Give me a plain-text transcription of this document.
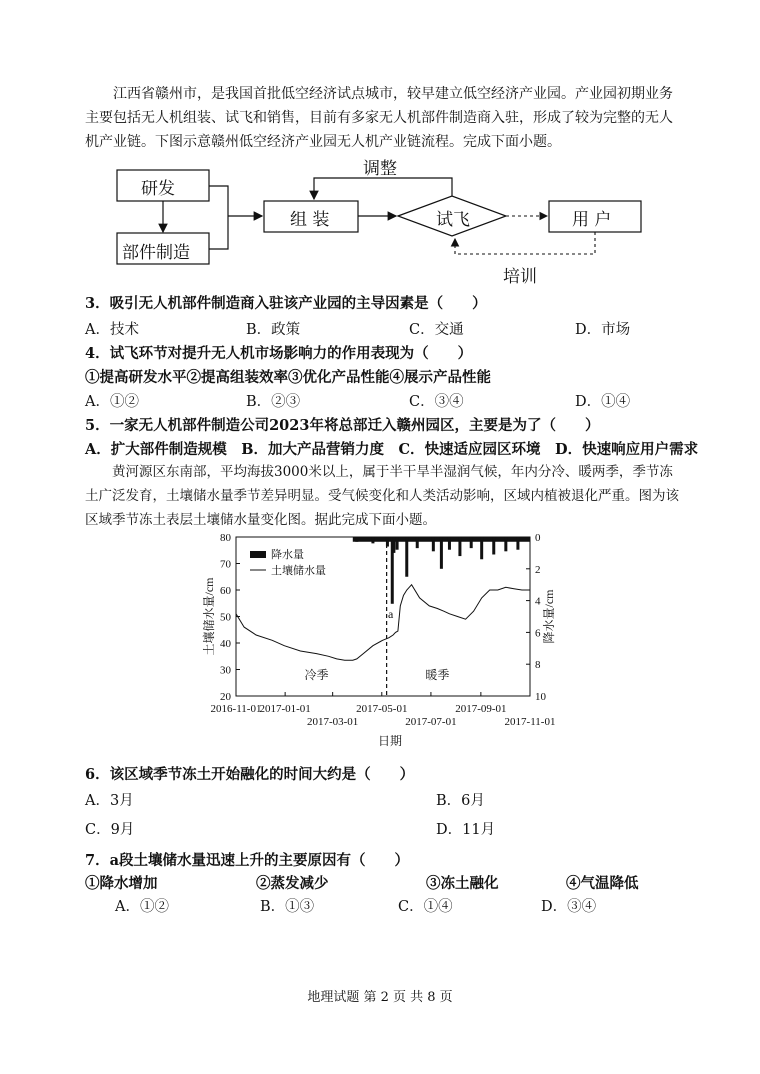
江西省赣州市，是我国首批低空经济试点城市，较早建立低空经济产业园。产业园初期业务主要包括无人机组装、试飞和销售，目前有多家无人机部件制造商入驻，形成了较为完整的无人机产业链。下图示意赣州低空经济产业园无人机产业链流程。完成下面小题。
研发
部件制造
组 装	试飞	用 户
调整
培训
3．吸引无人机部件制造商入驻该产业园的主导因素是（　　）
A．技术	B．政策	C．交通	D．市场
4．试飞环节对提升无人机市场影响力的作用表现为（　　）
①提高研发水平②提高组装效率③优化产品性能④展示产品性能
A．①②	B．②③	C．③④	D．①④
5．一家无人机部件制造公司2023年将总部迁入赣州园区，主要是为了（　　）
A．扩大部件制造规模　B．加大产品营销力度　C．快速适应园区环境　D．快速响应用户需求
黄河源区东南部，平均海拔3000米以上，属于半干旱半湿润气候，年内分冷、暖两季，季节冻土广泛发育，土壤储水量季节差异明显。受气候变化和人类活动影响，区域内植被退化严重。图为该区域季节冻土表层土壤储水量变化图。据此完成下面小题。
20
30
40
50
60
70
80	0
2
4
6
8
10
2016-11-01
2017-01-01	2017-05-01	2017-09-01
2017-03-01	2017-07-01	2017-11-01
日期
土壤储水量/cm	降水量/cm
冷季	暖季
a
降水量
土壤储水量
6．该区域季节冻土开始融化的时间大约是（　　）
A．3月	B．6月
C．9月	D．11月
7．a段土壤储水量迅速上升的主要原因有（　　）
①降水增加	②蒸发减少	③冻土融化	④气温降低
A．①②	B．①③	C．①④	D．③④
地理试题 第 2 页 共 8 页
